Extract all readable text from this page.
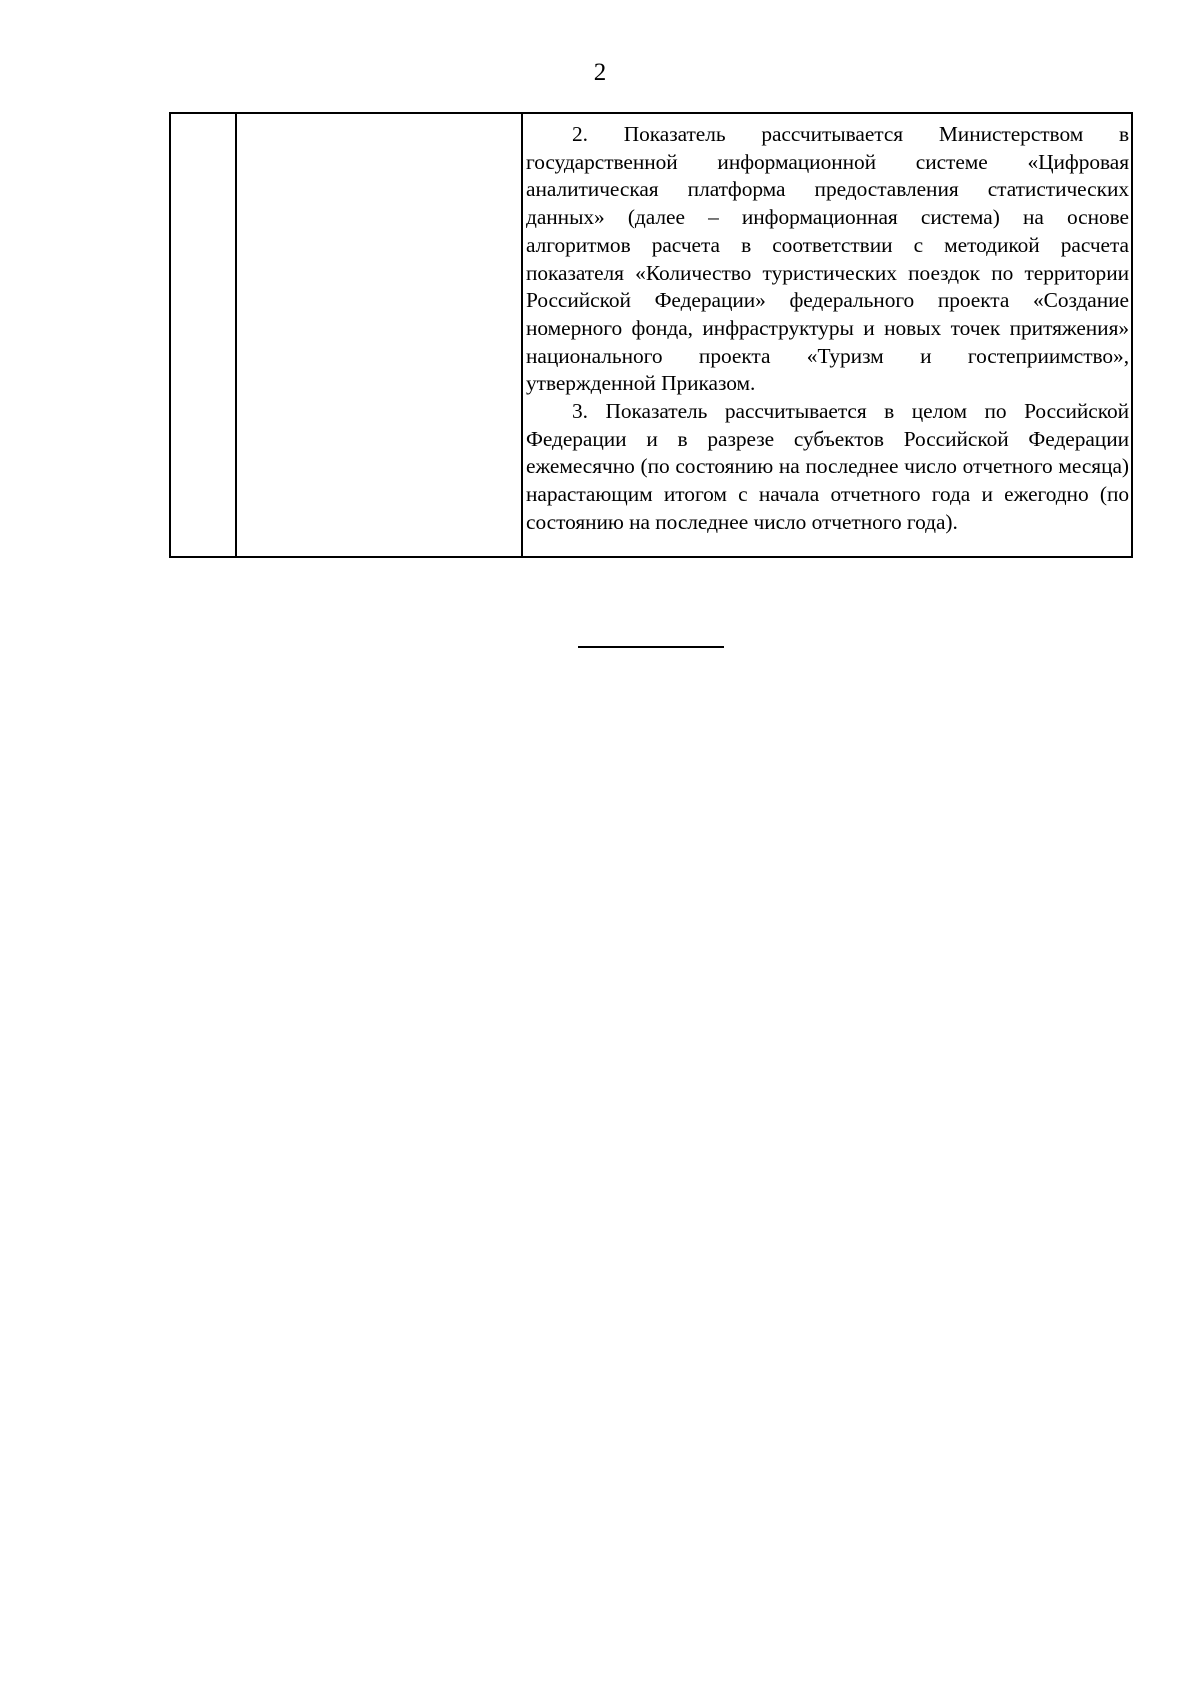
2

2. Показатель рассчитывается Министерством в государственной информационной системе «Цифровая аналитическая платформа предоставления статистических данных» (далее – информационная система) на основе алгоритмов расчета в соответствии с методикой расчета показателя «Количество туристических поездок по территории Российской Федерации» федерального проекта «Создание номерного фонда, инфраструктуры и новых точек притяжения» национального проекта «Туризм и гостеприимство», утвержденной Приказом.

3. Показатель рассчитывается в целом по Российской Федерации и в разрезе субъектов Российской Федерации ежемесячно (по состоянию на последнее число отчетного месяца) нарастающим итогом с начала отчетного года и ежегодно (по состоянию на последнее число отчетного года).
